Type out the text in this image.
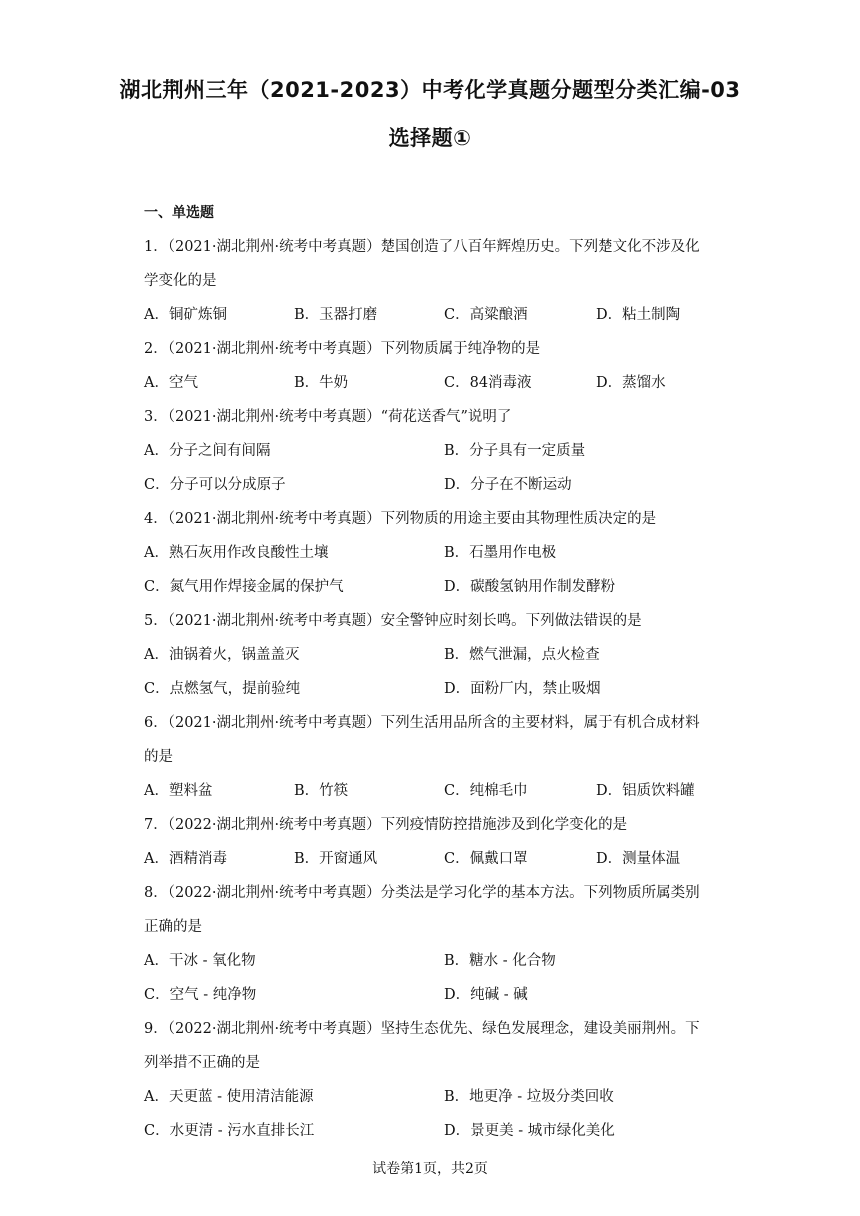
湖北荆州三年（2021-2023）中考化学真题分题型分类汇编-03
选择题①
一、单选题
1．（2021·湖北荆州·统考中考真题）楚国创造了八百年辉煌历史。下列楚文化不涉及化
学变化的是
A．铜矿炼铜	B．玉器打磨	C．高粱酿酒	D．粘土制陶
2．（2021·湖北荆州·统考中考真题）下列物质属于纯净物的是
A．空气	B．牛奶	C．84消毒液	D．蒸馏水
3．（2021·湖北荆州·统考中考真题）“荷花送香气”说明了
A．分子之间有间隔	B．分子具有一定质量
C．分子可以分成原子	D．分子在不断运动
4．（2021·湖北荆州·统考中考真题）下列物质的用途主要由其物理性质决定的是
A．熟石灰用作改良酸性土壤	B．石墨用作电极
C．氮气用作焊接金属的保护气	D．碳酸氢钠用作制发酵粉
5．（2021·湖北荆州·统考中考真题）安全警钟应时刻长鸣。下列做法错误的是
A．油锅着火，锅盖盖灭	B．燃气泄漏，点火检查
C．点燃氢气，提前验纯	D．面粉厂内，禁止吸烟
6．（2021·湖北荆州·统考中考真题）下列生活用品所含的主要材料，属于有机合成材料
的是
A．塑料盆	B．竹筷	C．纯棉毛巾	D．铝质饮料罐
7．（2022·湖北荆州·统考中考真题）下列疫情防控措施涉及到化学变化的是
A．酒精消毒	B．开窗通风	C．佩戴口罩	D．测量体温
8．（2022·湖北荆州·统考中考真题）分类法是学习化学的基本方法。下列物质所属类别
正确的是
A．干冰 - 氧化物	B．糖水 - 化合物
C．空气 - 纯净物	D．纯碱 - 碱
9．（2022·湖北荆州·统考中考真题）坚持生态优先、绿色发展理念，建设美丽荆州。下
列举措不正确的是
A．天更蓝 - 使用清洁能源	B．地更净 - 垃圾分类回收
C．水更清 - 污水直排长江	D．景更美 - 城市绿化美化
试卷第1页，共2页
